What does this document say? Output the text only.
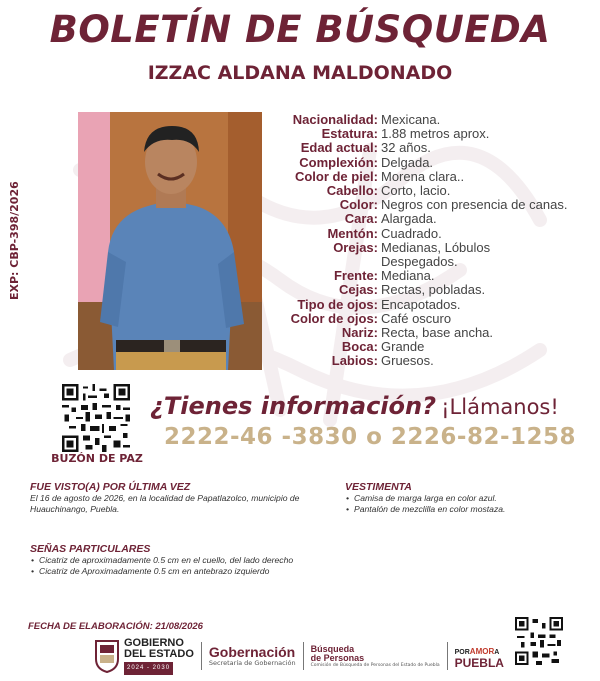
BOLETÍN DE BÚSQUEDA
IZZAC ALDANA MALDONADO
EXP: CBP-398/2026
Nacionalidad: Mexicana.
Estatura: 1.88 metros aprox.
Edad actual: 32 años.
Complexión: Delgada.
Color de piel: Morena clara..
Cabello: Corto, lacio.
Color: Negros con presencia de canas.
Cara: Alargada.
Mentón: Cuadrado.
Orejas: Medianas, Lóbulos Despegados.
Frente: Mediana.
Cejas: Rectas, pobladas.
Tipo de ojos: Encapotados.
Color de ojos: Café oscuro
Nariz: Recta, base ancha.
Boca: Grande
Labios: Gruesos.
BUZÓN DE PAZ
¿Tienes información? ¡Llámanos!
2222-46 -3830 o 2226-82-1258
FUE VISTO(A) POR ÚLTIMA VEZ
El 16 de agosto de 2026, en la localidad de Papatlazolco, municipio de Huauchinango, Puebla.
VESTIMENTA
• Camisa de marga larga en color azul.
• Pantalón de mezclilla en color mostaza.
SEÑAS PARTICULARES
• Cicatriz de aproximadamente 0.5 cm en el cuello, del lado derecho
• Cicatriz de Aproximadamente 0.5 cm en antebrazo izquierdo
FECHA DE ELABORACIÓN: 21/08/2026
GOBIERNO
DEL ESTADO
2024 - 2030
Gobernación
Secretaría de Gobernación
Búsqueda
de Personas
Comisión de Búsqueda de Personas del Estado de Puebla
PORAMORA
PUEBLA
